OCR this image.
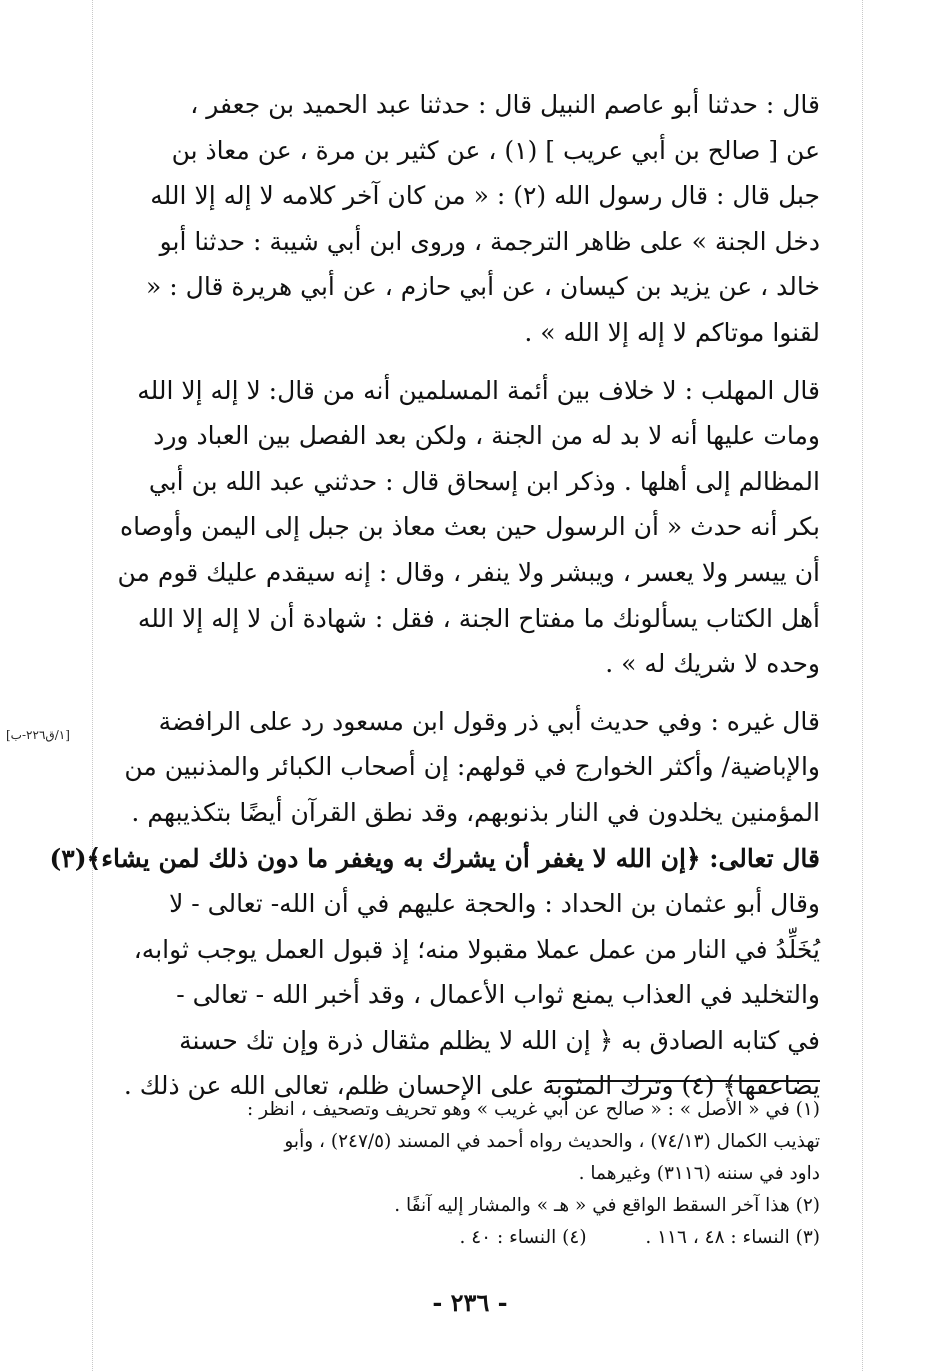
قال : حدثنا أبو عاصم النبيل قال : حدثنا عبد الحميد بن جعفر ،
عن [ صالح بن أبي عريب ] (١) ، عن كثير بن مرة ، عن معاذ بن
جبل قال : قال رسول الله (٢) : « من كان آخر كلامه لا إله إلا الله
دخل الجنة » على ظاهر الترجمة ، وروى ابن أبي شيبة : حدثنا أبو
خالد ، عن يزيد بن كيسان ، عن أبي حازم ، عن أبي هريرة قال : «
لقنوا موتاكم لا إله إلا الله » .
قال المهلب : لا خلاف بين أئمة المسلمين أنه من قال: لا إله إلا الله
ومات عليها أنه لا بد له من الجنة ، ولكن بعد الفصل بين العباد ورد
المظالم إلى أهلها . وذكر ابن إسحاق قال : حدثني عبد الله بن أبي
بكر أنه حدث « أن الرسول حين بعث معاذ بن جبل إلى اليمن وأوصاه
أن ييسر ولا يعسر ، ويبشر ولا ينفر ، وقال : إنه سيقدم عليك قوم من
أهل الكتاب يسألونك ما مفتاح الجنة ، فقل : شهادة أن لا إله إلا الله
وحده لا شريك له » .
قال غيره : وفي حديث أبي ذر وقول ابن مسعود رد على الرافضة
والإباضية/ وأكثر الخوارج في قولهم: إن أصحاب الكبائر والمذنبين من
المؤمنين يخلدون في النار بذنوبهم، وقد نطق القرآن أيضًا بتكذيبهم .
قال تعالى: ﴿إن الله لا يغفر أن يشرك به ويغفر ما دون ذلك لمن يشاء﴾(٣)
وقال أبو عثمان بن الحداد : والحجة عليهم في أن الله- تعالى - لا
يُخَلِّدُ في النار من عمل عملا مقبولا منه؛ إذ قبول العمل يوجب ثوابه،
والتخليد في العذاب يمنع ثواب الأعمال ، وقد أخبر الله - تعالى -
في كتابه الصادق به ﴿ إن الله لا يظلم مثقال ذرة وإن تك حسنة
يضاعفها﴾ (٤) وترك المثوبة على الإحسان ظلم، تعالى الله عن ذلك .
[١/ق٢٢٦-ب]
(١) في « الأصل » : « صالح عن أبي غريب » وهو تحريف وتصحيف ، انظر :
تهذيب الكمال (٧٤/١٣) ، والحديث رواه أحمد في المسند (٢٤٧/٥) ، وأبو
داود في سننه (٣١١٦) وغيرهما .
(٢) هذا آخر السقط الواقع في « هـ » والمشار إليه آنفًا .
(٣) النساء : ٤٨ ، ١١٦ .          (٤) النساء : ٤٠ .
- ٢٣٦ -
